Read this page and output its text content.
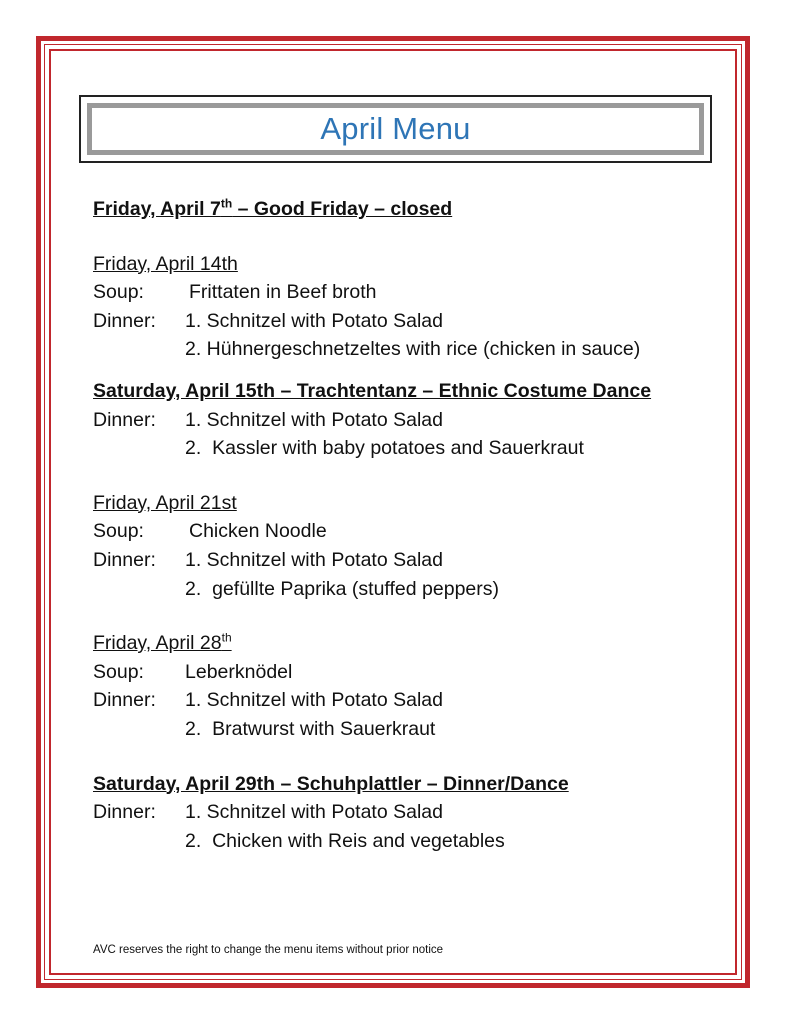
April Menu
Friday, April 7th – Good Friday – closed
Friday, April 14th
Soup: Frittaten in Beef broth
Dinner: 1. Schnitzel with Potato Salad
2. Hühnergeschnetzeltes with rice (chicken in sauce)
Saturday, April 15th – Trachtentanz – Ethnic Costume Dance
Dinner: 1. Schnitzel with Potato Salad
2.  Kassler with baby potatoes and Sauerkraut
Friday, April 21st
Soup: Chicken Noodle
Dinner: 1. Schnitzel with Potato Salad
2.  gefüllte Paprika (stuffed peppers)
Friday, April 28th
Soup: Leberknödel
Dinner: 1. Schnitzel with Potato Salad
2.  Bratwurst with Sauerkraut
Saturday, April 29th – Schuhplattler – Dinner/Dance
Dinner: 1. Schnitzel with Potato Salad
2.  Chicken with Reis and vegetables
AVC reserves the right to change the menu items without prior notice
